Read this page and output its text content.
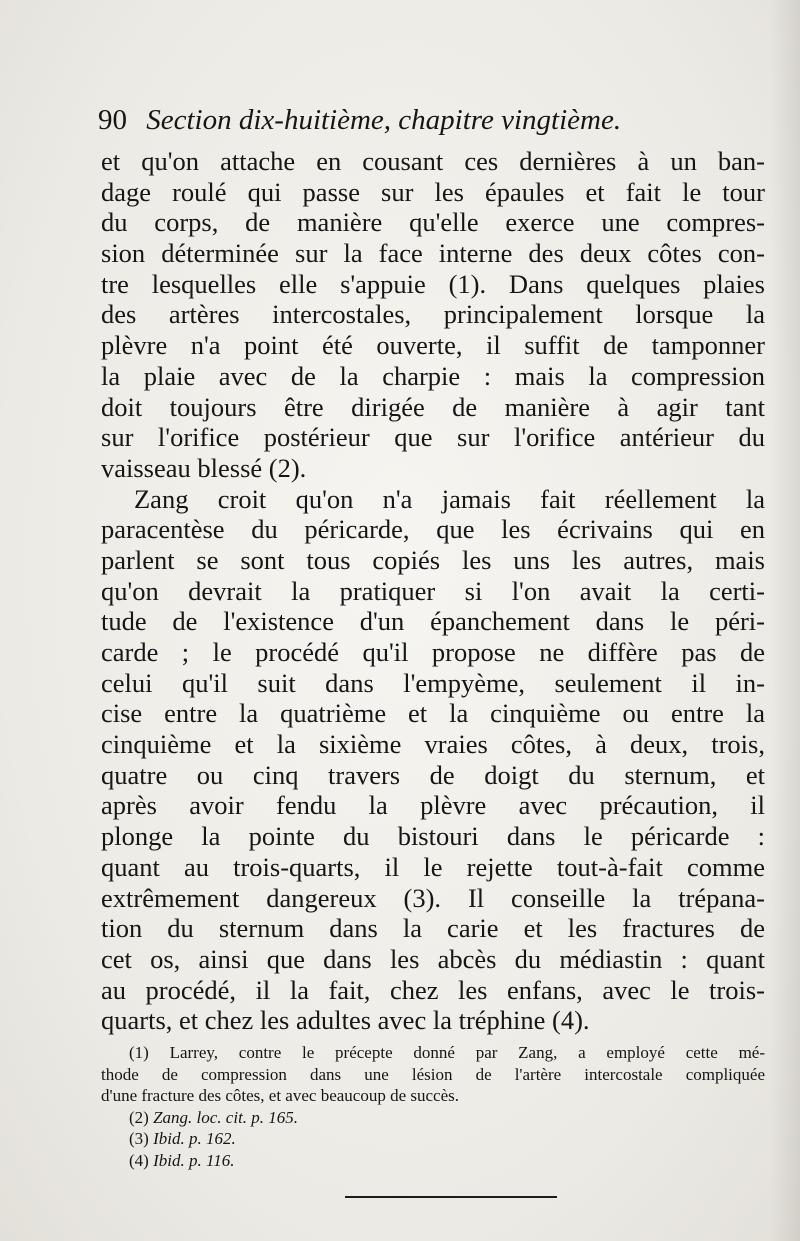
90 Section dix-huitième, chapitre vingtième.
et qu'on attache en cousant ces dernières à un ban-
dage roulé qui passe sur les épaules et fait le tour
du corps, de manière qu'elle exerce une compres-
sion déterminée sur la face interne des deux côtes con-
tre lesquelles elle s'appuie (1). Dans quelques plaies
des artères intercostales, principalement lorsque la
plèvre n'a point été ouverte, il suffit de tamponner
la plaie avec de la charpie : mais la compression
doit toujours être dirigée de manière à agir tant
sur l'orifice postérieur que sur l'orifice antérieur du
vaisseau blessé (2).
Zang croit qu'on n'a jamais fait réellement la
paracentèse du péricarde, que les écrivains qui en
parlent se sont tous copiés les uns les autres, mais
qu'on devrait la pratiquer si l'on avait la certi-
tude de l'existence d'un épanchement dans le péri-
carde ; le procédé qu'il propose ne diffère pas de
celui qu'il suit dans l'empyème, seulement il in-
cise entre la quatrième et la cinquième ou entre la
cinquième et la sixième vraies côtes, à deux, trois,
quatre ou cinq travers de doigt du sternum, et
après avoir fendu la plèvre avec précaution, il
plonge la pointe du bistouri dans le péricarde :
quant au trois-quarts, il le rejette tout-à-fait comme
extrêmement dangereux (3). Il conseille la trépana-
tion du sternum dans la carie et les fractures de
cet os, ainsi que dans les abcès du médiastin : quant
au procédé, il la fait, chez les enfans, avec le trois-
quarts, et chez les adultes avec la tréphine (4).
(1) Larrey, contre le précepte donné par Zang, a employé cette mé-
thode de compression dans une lésion de l'artère intercostale compliquée
d'une fracture des côtes, et avec beaucoup de succès.
(2) Zang. loc. cit. p. 165.
(3) Ibid. p. 162.
(4) Ibid. p. 116.
